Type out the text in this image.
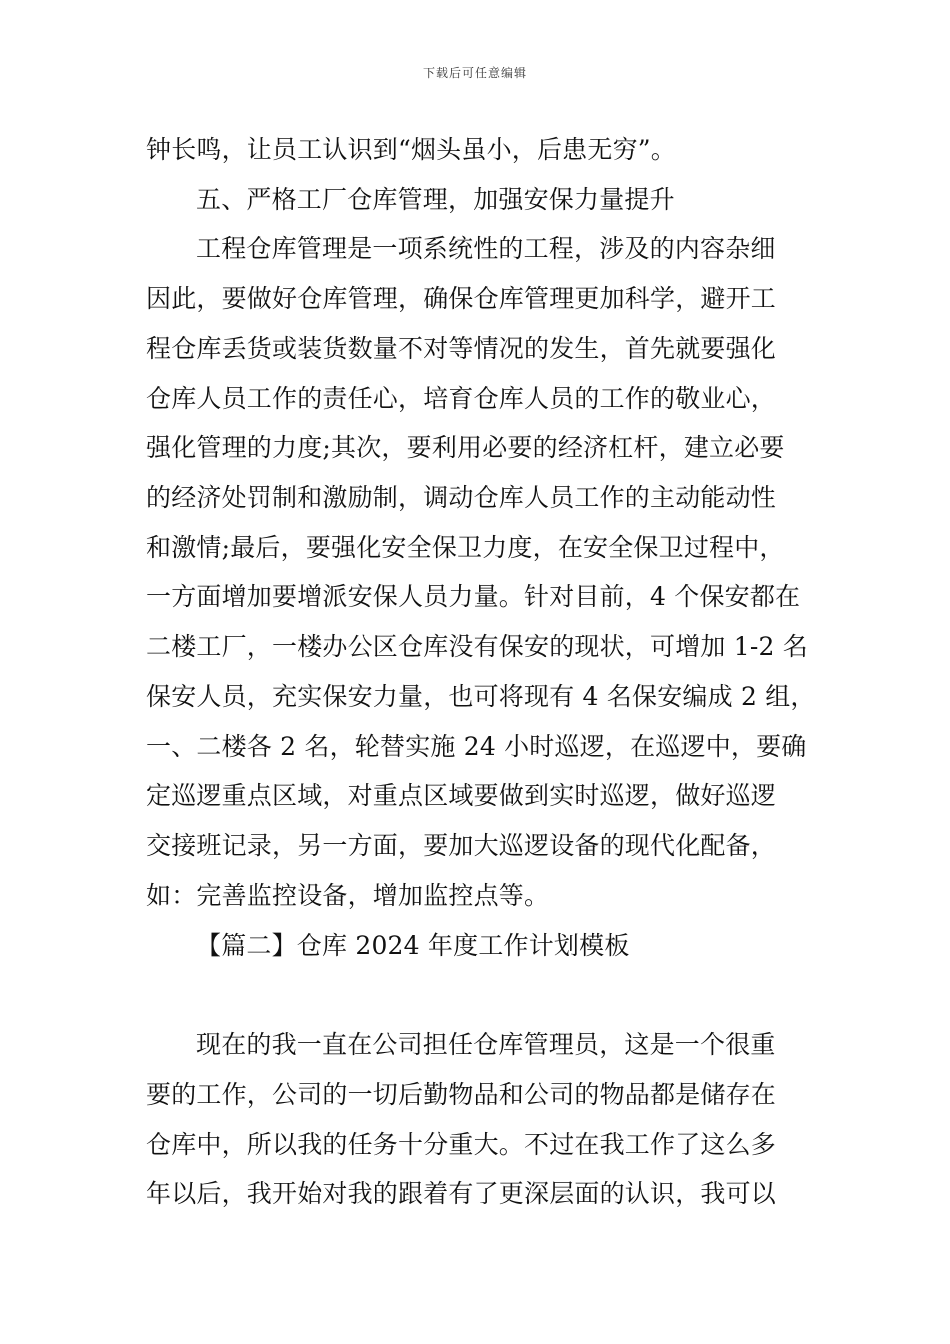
下载后可任意编辑
钟长鸣，让员工认识到“烟头虽小，后患无穷”。
五、严格工厂仓库管理，加强安保力量提升
工程仓库管理是一项系统性的工程，涉及的内容杂细
因此，要做好仓库管理，确保仓库管理更加科学，避开工
程仓库丢货或装货数量不对等情况的发生，首先就要强化
仓库人员工作的责任心，培育仓库人员的工作的敬业心，
强化管理的力度;其次，要利用必要的经济杠杆，建立必要
的经济处罚制和激励制，调动仓库人员工作的主动能动性
和激情;最后，要强化安全保卫力度，在安全保卫过程中，
一方面增加要增派安保人员力量。针对目前，4 个保安都在
二楼工厂，一楼办公区仓库没有保安的现状，可增加 1-2 名
保安人员，充实保安力量，也可将现有 4 名保安编成 2 组，
一、二楼各 2 名，轮替实施 24 小时巡逻，在巡逻中，要确
定巡逻重点区域，对重点区域要做到实时巡逻，做好巡逻
交接班记录，另一方面，要加大巡逻设备的现代化配备，
如：完善监控设备，增加监控点等。
【篇二】仓库 2024 年度工作计划模板
现在的我一直在公司担任仓库管理员，这是一个很重
要的工作，公司的一切后勤物品和公司的物品都是储存在
仓库中，所以我的任务十分重大。不过在我工作了这么多
年以后，我开始对我的跟着有了更深层面的认识，我可以
